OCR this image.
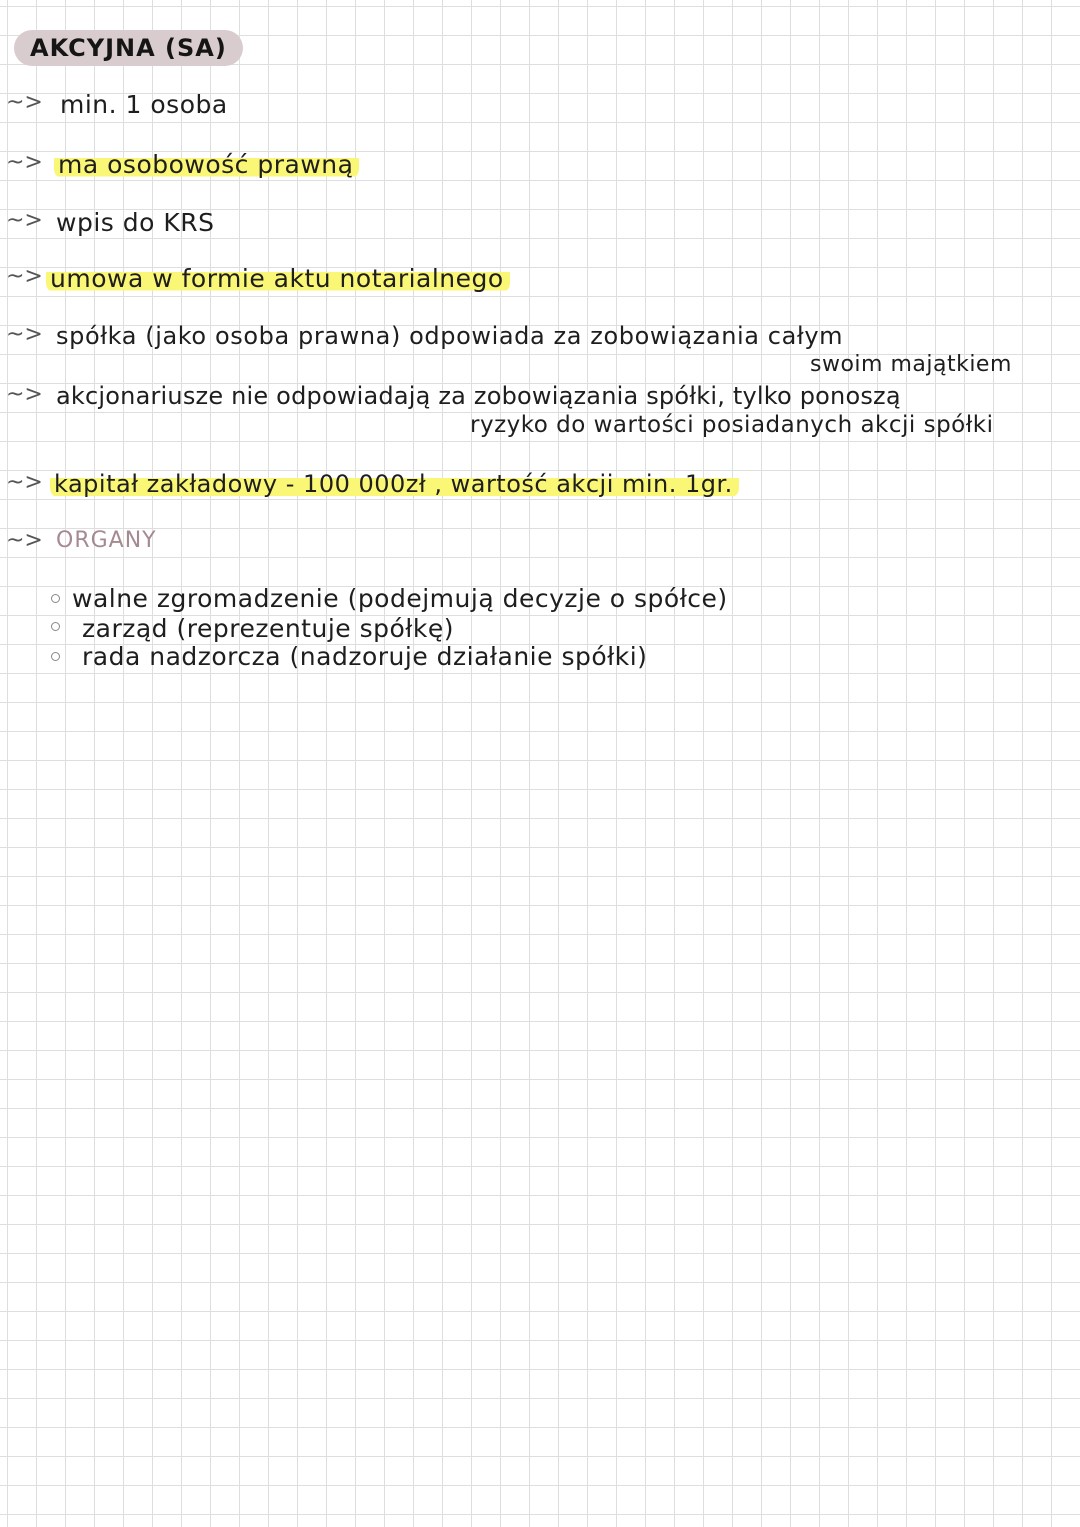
AKCYJNA (SA)
~> min. 1 osoba
~> ma osobowość prawną
~> wpis do KRS
~> umowa w formie aktu notarialnego
~> spółka (jako osoba prawna) odpowiada za zobowiązania całym
swoim majątkiem
~> akcjonariusze nie odpowiadają za zobowiązania spółki, tylko ponoszą
ryzyko do wartości posiadanych akcji spółki
~> kapitał zakładowy - 100 000zł , wartość akcji min. 1gr.
~> ORGANY
walne zgromadzenie (podejmują decyzje o spółce)
zarząd (reprezentuje spółkę)
rada nadzorcza (nadzoruje działanie spółki)
